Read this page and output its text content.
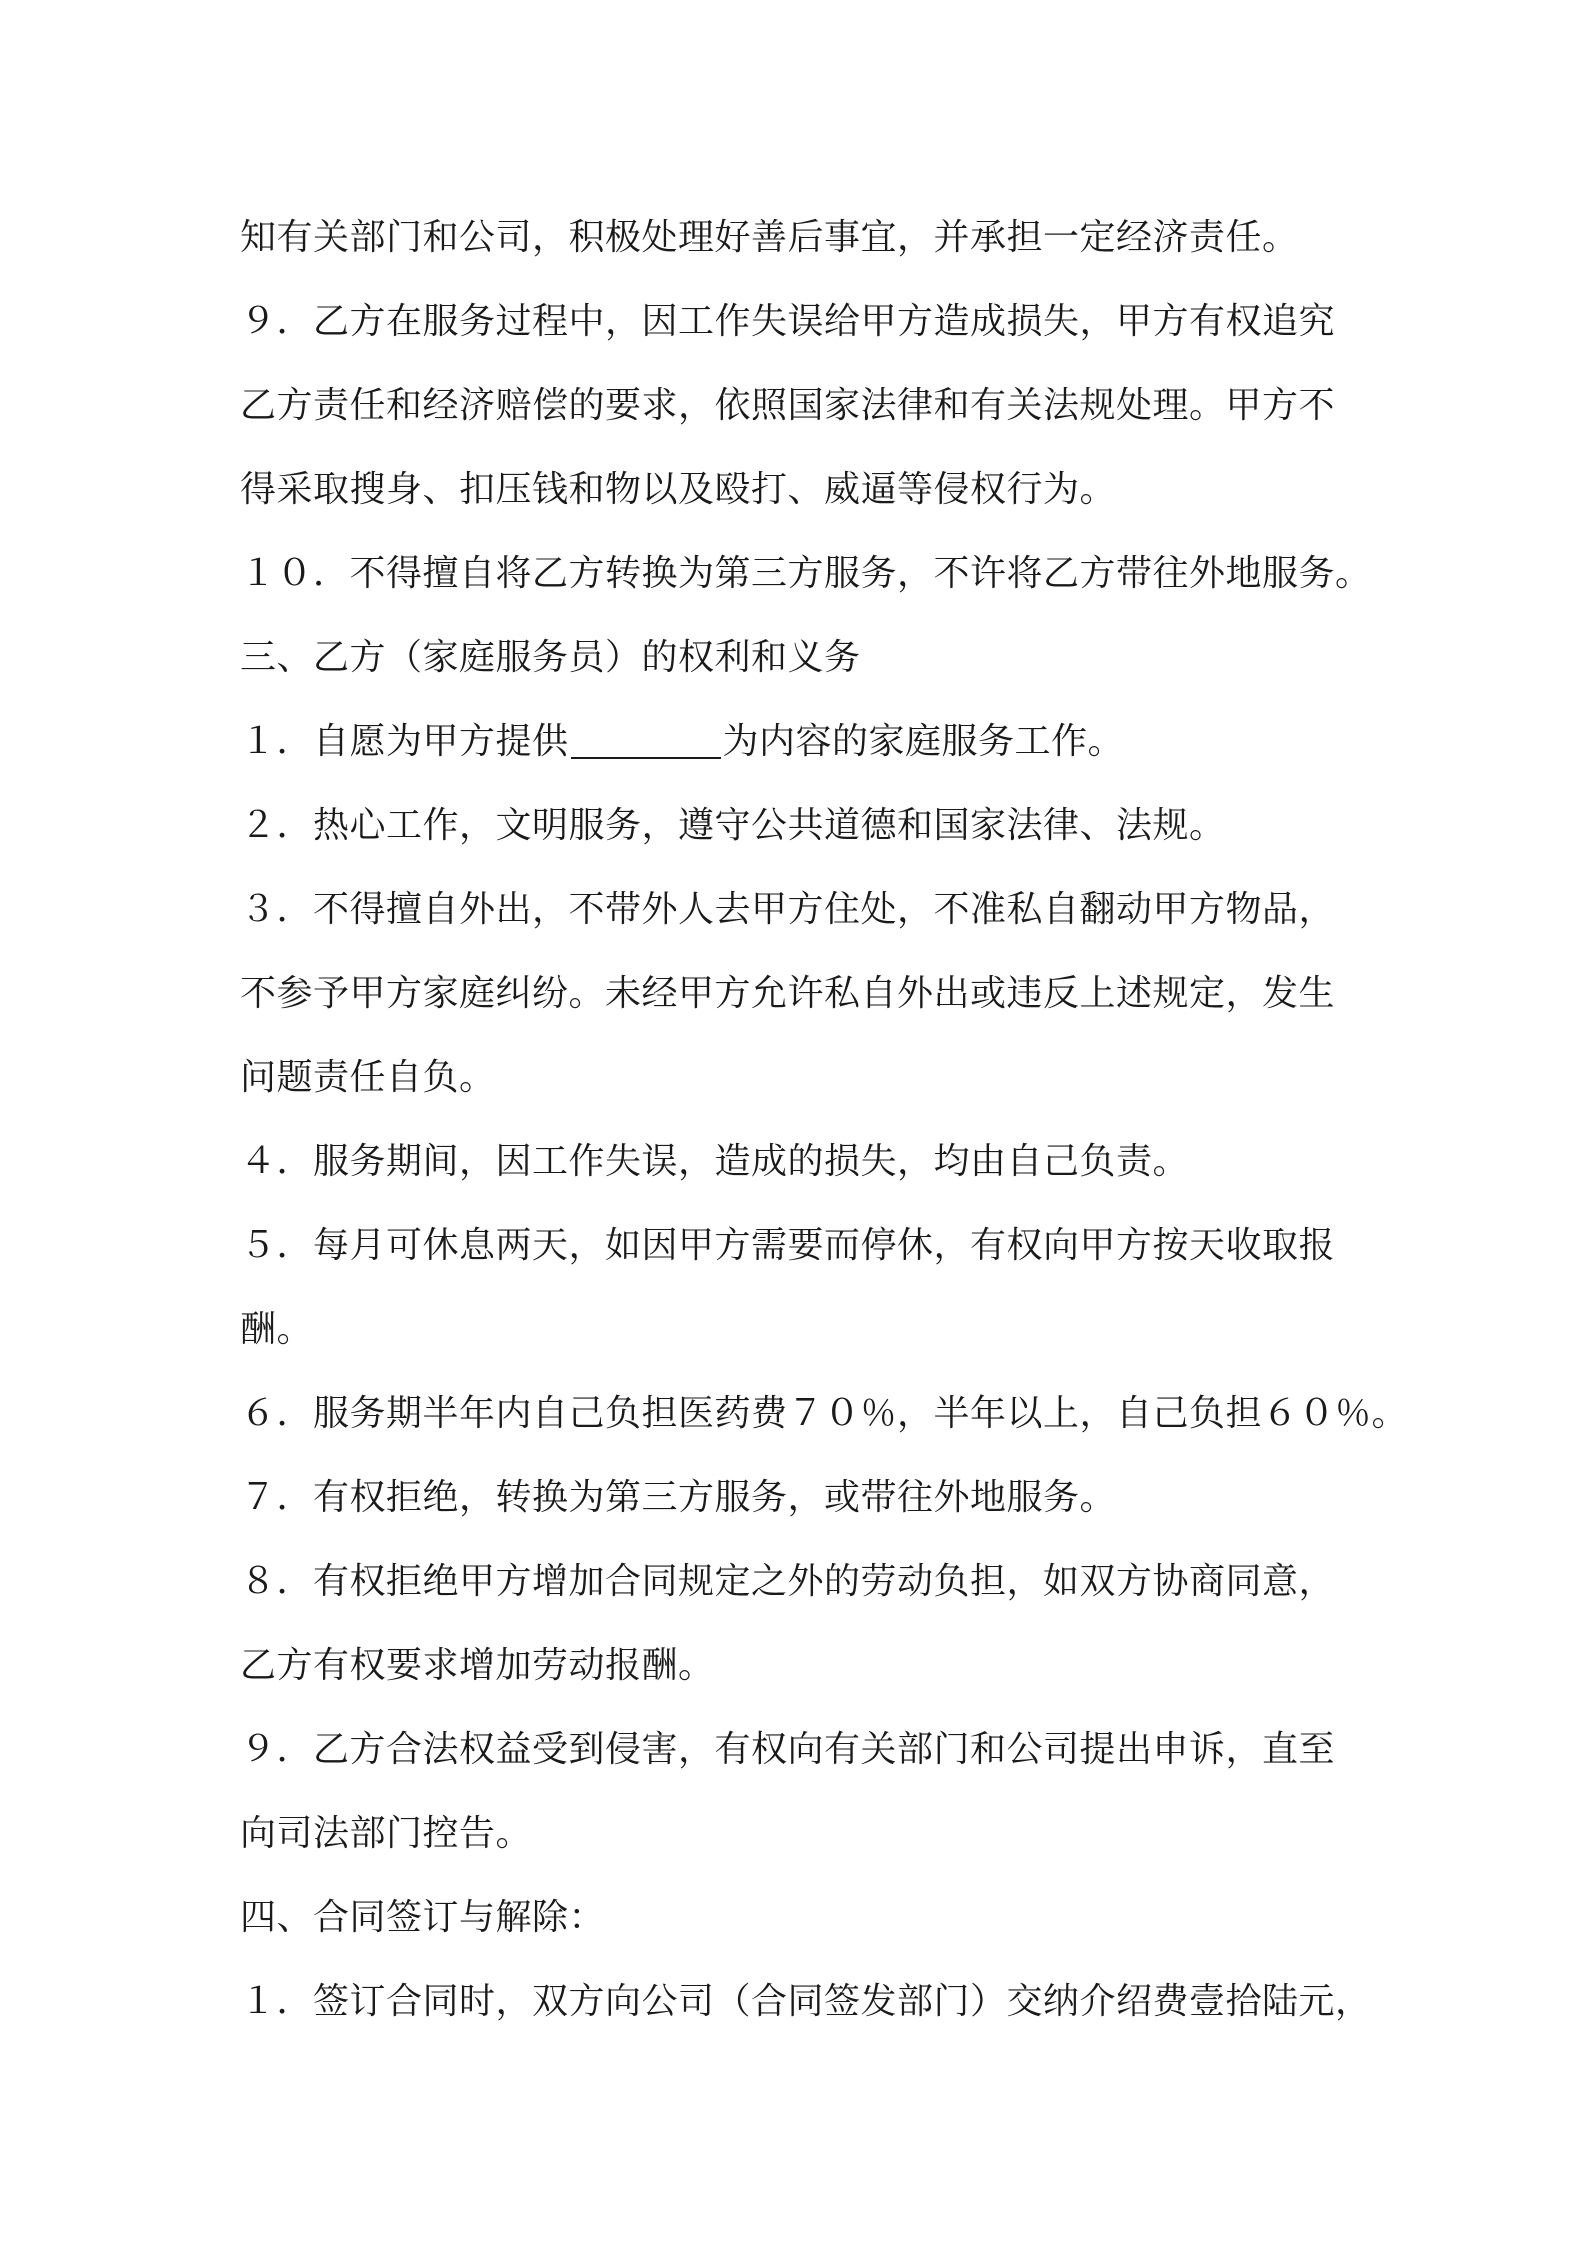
知有关部门和公司，积极处理好善后事宜，并承担一定经济责任。
９．乙方在服务过程中，因工作失误给甲方造成损失，甲方有权追究
乙方责任和经济赔偿的要求，依照国家法律和有关法规处理。甲方不
得采取搜身、扣压钱和物以及殴打、威逼等侵权行为。
１０．不得擅自将乙方转换为第三方服务，不许将乙方带往外地服务。
三、乙方（家庭服务员）的权利和义务
１．自愿为甲方提供	为内容的家庭服务工作。
２．热心工作，文明服务，遵守公共道德和国家法律、法规。
３．不得擅自外出，不带外人去甲方住处，不准私自翻动甲方物品，
不参予甲方家庭纠纷。未经甲方允许私自外出或违反上述规定，发生
问题责任自负。
４．服务期间，因工作失误，造成的损失，均由自己负责。
５．每月可休息两天，如因甲方需要而停休，有权向甲方按天收取报
酬。
６．服务期半年内自己负担医药费７０％，半年以上，自己负担６０％。
７．有权拒绝，转换为第三方服务，或带往外地服务。
８．有权拒绝甲方增加合同规定之外的劳动负担，如双方协商同意，
乙方有权要求增加劳动报酬。
９．乙方合法权益受到侵害，有权向有关部门和公司提出申诉，直至
向司法部门控告。
四、合同签订与解除：
１．签订合同时，双方向公司（合同签发部门）交纳介绍费壹拾陆元，
